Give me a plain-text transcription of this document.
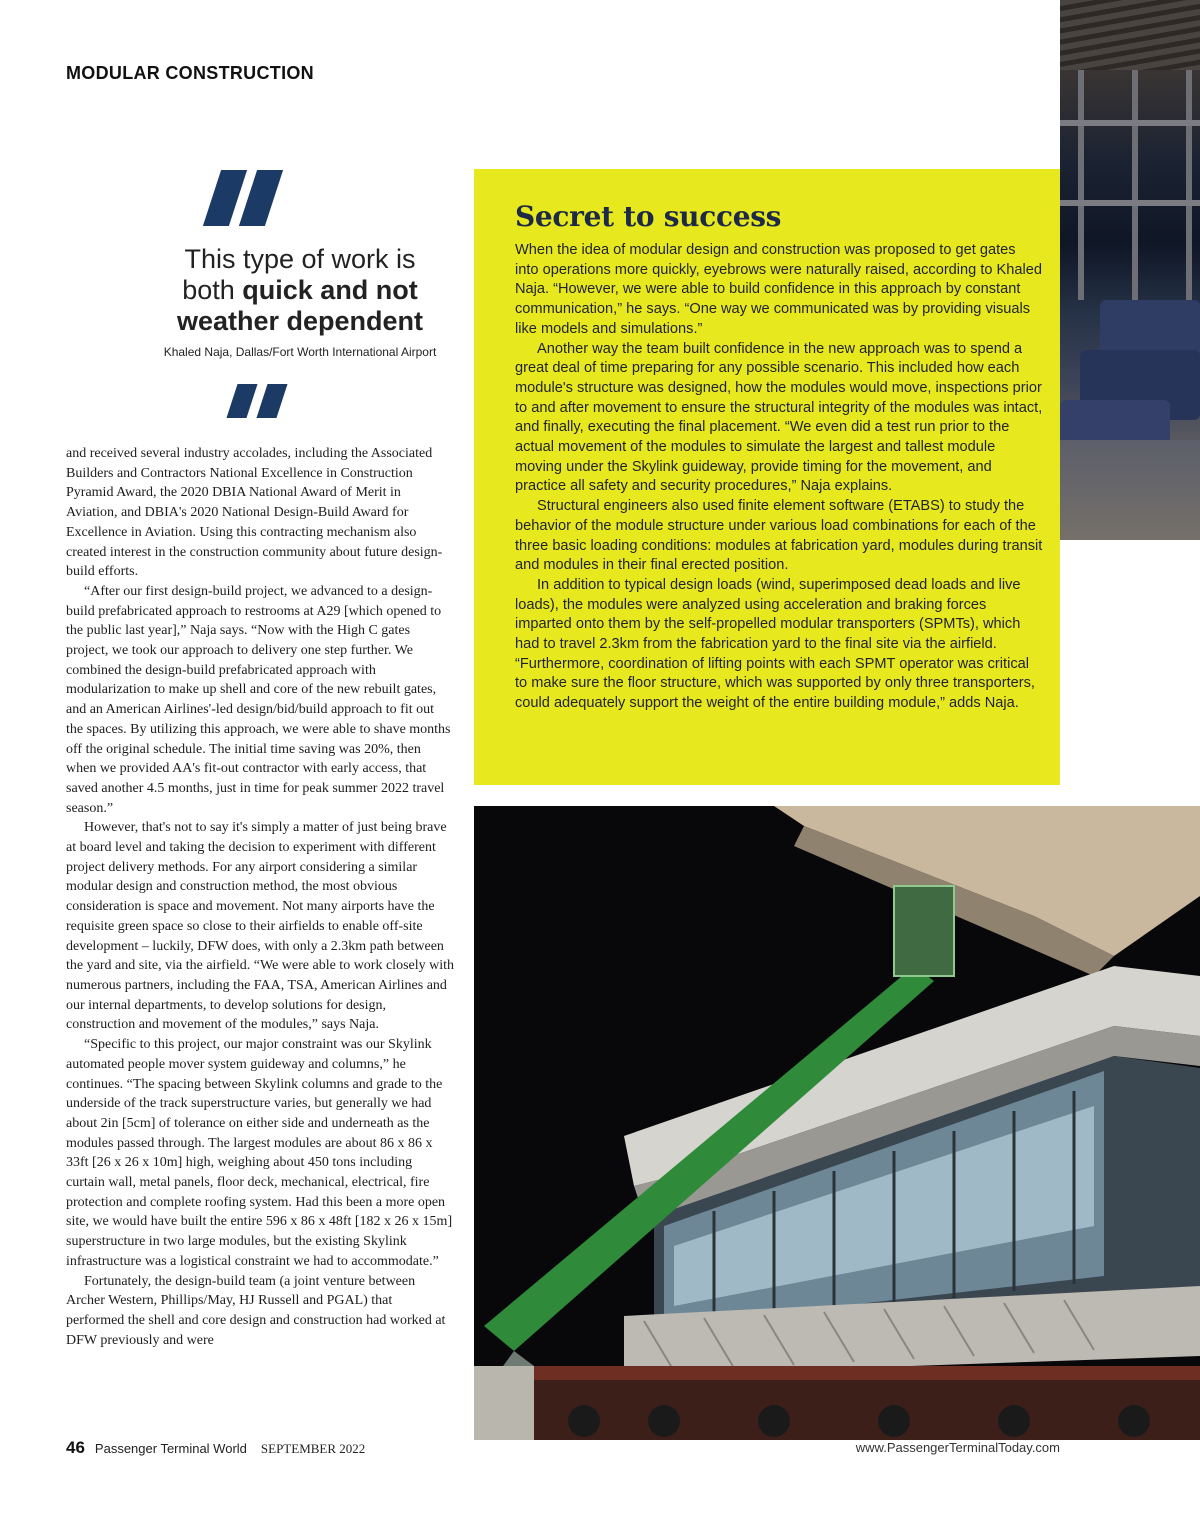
MODULAR CONSTRUCTION
This type of work is
both quick and not
weather dependent
Khaled Naja, Dallas/Fort Worth International Airport

and received several industry accolades, including the Associated Builders and Contractors National Excellence in Construction Pyramid Award, the 2020 DBIA National Award of Merit in Aviation, and DBIA's 2020 National Design-Build Award for Excellence in Aviation. Using this contracting mechanism also created interest in the construction community about future design-build efforts.

“After our first design-build project, we advanced to a design-build prefabricated approach to restrooms at A29 [which opened to the public last year],” Naja says. “Now with the High C gates project, we took our approach to delivery one step further. We combined the design-build prefabricated approach with modularization to make up shell and core of the new rebuilt gates, and an American Airlines'-led design/bid/build approach to fit out the spaces. By utilizing this approach, we were able to shave months off the original schedule. The initial time saving was 20%, then when we provided AA's fit-out contractor with early access, that saved another 4.5 months, just in time for peak summer 2022 travel season.”

However, that's not to say it's simply a matter of just being brave at board level and taking the decision to experiment with different project delivery methods. For any airport considering a similar modular design and construction method, the most obvious consideration is space and movement. Not many airports have the requisite green space so close to their airfields to enable off-site development – luckily, DFW does, with only a 2.3km path between the yard and site, via the airfield. “We were able to work closely with numerous partners, including the FAA, TSA, American Airlines and our internal departments, to develop solutions for design, construction and movement of the modules,” says Naja.

“Specific to this project, our major constraint was our Skylink automated people mover system guideway and columns,” he continues. “The spacing between Skylink columns and grade to the underside of the track superstructure varies, but generally we had about 2in [5cm] of tolerance on either side and underneath as the modules passed through. The largest modules are about 86 x 86 x 33ft [26 x 26 x 10m] high, weighing about 450 tons including curtain wall, metal panels, floor deck, mechanical, electrical, fire protection and complete roofing system. Had this been a more open site, we would have built the entire 596 x 86 x 48ft [182 x 26 x 15m] superstructure in two large modules, but the existing Skylink infrastructure was a logistical constraint we had to accommodate.”

Fortunately, the design-build team (a joint venture between Archer Western, Phillips/May, HJ Russell and PGAL) that performed the shell and core design and construction had worked at DFW previously and were

Secret to success

When the idea of modular design and construction was proposed to get gates into operations more quickly, eyebrows were naturally raised, according to Khaled Naja. “However, we were able to build confidence in this approach by constant communication,” he says. “One way we communicated was by providing visuals like models and simulations.”

Another way the team built confidence in the new approach was to spend a great deal of time preparing for any possible scenario. This included how each module's structure was designed, how the modules would move, inspections prior to and after movement to ensure the structural integrity of the modules was intact, and finally, executing the final placement. “We even did a test run prior to the actual movement of the modules to simulate the largest and tallest module moving under the Skylink guideway, provide timing for the movement, and practice all safety and security procedures,” Naja explains.

Structural engineers also used finite element software (ETABS) to study the behavior of the module structure under various load combinations for each of the three basic loading conditions: modules at fabrication yard, modules during transit and modules in their final erected position.

In addition to typical design loads (wind, superimposed dead loads and live loads), the modules were analyzed using acceleration and braking forces imparted onto them by the self-propelled modular transporters (SPMTs), which had to travel 2.3km from the fabrication yard to the final site via the airfield. “Furthermore, coordination of lifting points with each SPMT operator was critical to make sure the floor structure, which was supported by only three transporters, could adequately support the weight of the entire building module,” adds Naja.

46 Passenger Terminal World SEPTEMBER 2022	www.PassengerTerminalToday.com
